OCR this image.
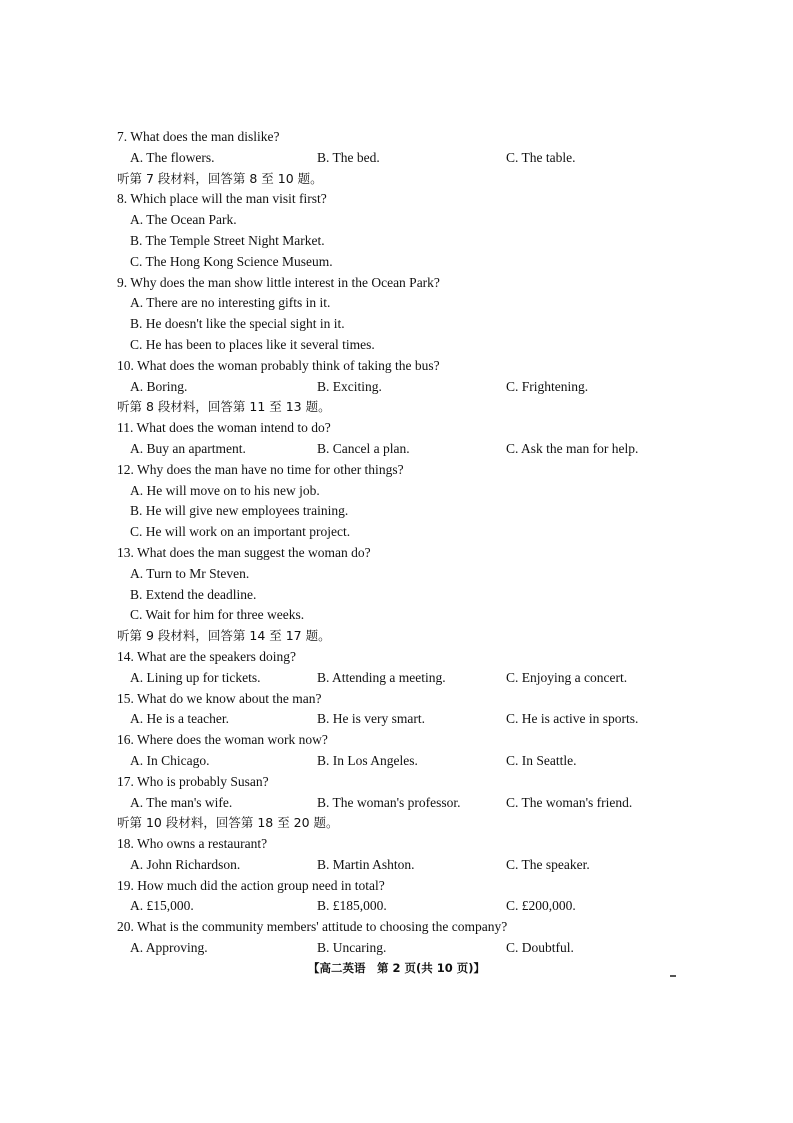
7. What does the man dislike?
A. The flowers.	B. The bed.	C. The table.
听第 7 段材料，回答第 8 至 10 题。
8. Which place will the man visit first?
A. The Ocean Park.
B. The Temple Street Night Market.
C. The Hong Kong Science Museum.
9. Why does the man show little interest in the Ocean Park?
A. There are no interesting gifts in it.
B. He doesn't like the special sight in it.
C. He has been to places like it several times.
10. What does the woman probably think of taking the bus?
A. Boring.	B. Exciting.	C. Frightening.
听第 8 段材料，回答第 11 至 13 题。
11. What does the woman intend to do?
A. Buy an apartment.	B. Cancel a plan.	C. Ask the man for help.
12. Why does the man have no time for other things?
A. He will move on to his new job.
B. He will give new employees training.
C. He will work on an important project.
13. What does the man suggest the woman do?
A. Turn to Mr Steven.
B. Extend the deadline.
C. Wait for him for three weeks.
听第 9 段材料，回答第 14 至 17 题。
14. What are the speakers doing?
A. Lining up for tickets.	B. Attending a meeting.	C. Enjoying a concert.
15. What do we know about the man?
A. He is a teacher.	B. He is very smart.	C. He is active in sports.
16. Where does the woman work now?
A. In Chicago.	B. In Los Angeles.	C. In Seattle.
17. Who is probably Susan?
A. The man's wife.	B. The woman's professor.	C. The woman's friend.
听第 10 段材料，回答第 18 至 20 题。
18. Who owns a restaurant?
A. John Richardson.	B. Martin Ashton.	C. The speaker.
19. How much did the action group need in total?
A. £15,000.	B. £185,000.	C. £200,000.
20. What is the community members' attitude to choosing the company?
A. Approving.	B. Uncaring.	C. Doubtful.
【高二英语　第 2 页(共 10 页)】
